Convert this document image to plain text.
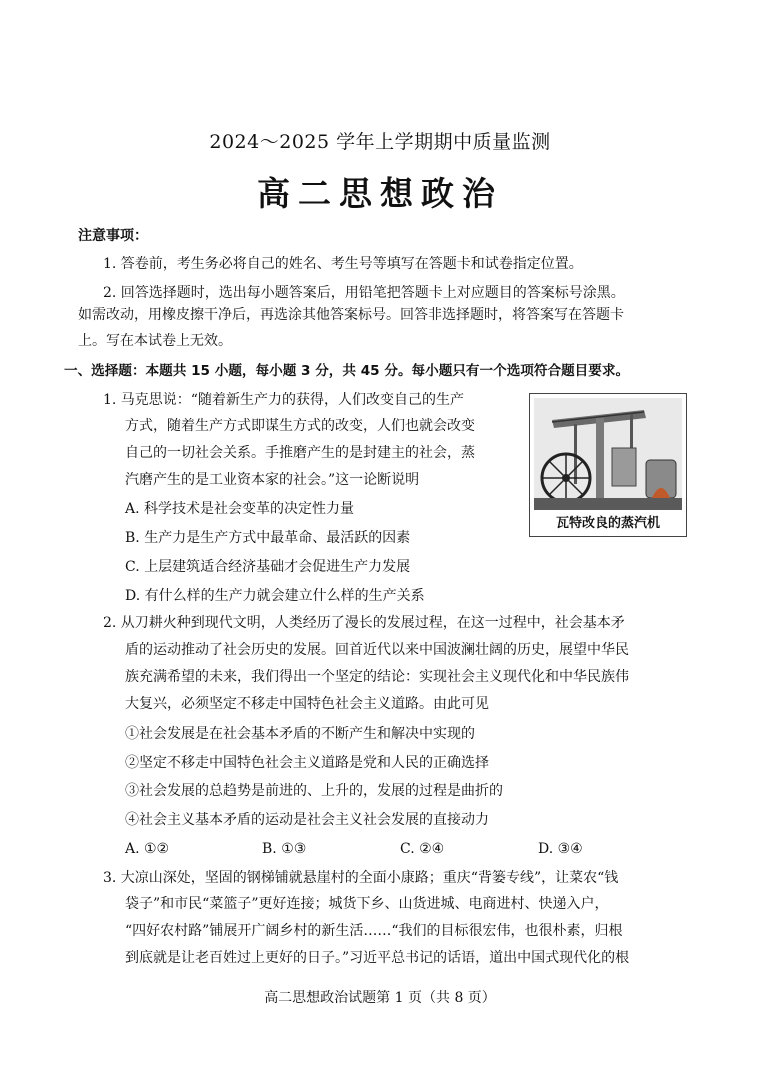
2024～2025 学年上学期期中质量监测
高二思想政治
注意事项：
1. 答卷前，考生务必将自己的姓名、考生号等填写在答题卡和试卷指定位置。
2. 回答选择题时，选出每小题答案后，用铅笔把答题卡上对应题目的答案标号涂黑。
如需改动，用橡皮擦干净后，再选涂其他答案标号。回答非选择题时，将答案写在答题卡
上。写在本试卷上无效。
一、选择题：本题共 15 小题，每小题 3 分，共 45 分。每小题只有一个选项符合题目要求。
1. 马克思说：“随着新生产力的获得，人们改变自己的生产
方式，随着生产方式即谋生方式的改变，人们也就会改变
自己的一切社会关系。手推磨产生的是封建主的社会，蒸
汽磨产生的是工业资本家的社会。”这一论断说明
A. 科学技术是社会变革的决定性力量
B. 生产力是生产方式中最革命、最活跃的因素
C. 上层建筑适合经济基础才会促进生产力发展
D. 有什么样的生产力就会建立什么样的生产关系
瓦特改良的蒸汽机
2. 从刀耕火种到现代文明，人类经历了漫长的发展过程，在这一过程中，社会基本矛
盾的运动推动了社会历史的发展。回首近代以来中国波澜壮阔的历史，展望中华民
族充满希望的未来，我们得出一个坚定的结论：实现社会主义现代化和中华民族伟
大复兴，必须坚定不移走中国特色社会主义道路。由此可见
①社会发展是在社会基本矛盾的不断产生和解决中实现的
②坚定不移走中国特色社会主义道路是党和人民的正确选择
③社会发展的总趋势是前进的、上升的，发展的过程是曲折的
④社会主义基本矛盾的运动是社会主义社会发展的直接动力
A. ①②	B. ①③	C. ②④	D. ③④
3. 大凉山深处，坚固的钢梯铺就悬崖村的全面小康路；重庆“背篓专线”，让菜农“钱
袋子”和市民“菜篮子”更好连接；城货下乡、山货进城、电商进村、快递入户，
“四好农村路”铺展开广阔乡村的新生活……“我们的目标很宏伟，也很朴素，归根
到底就是让老百姓过上更好的日子。”习近平总书记的话语，道出中国式现代化的根
高二思想政治试题第 1 页（共 8 页）
